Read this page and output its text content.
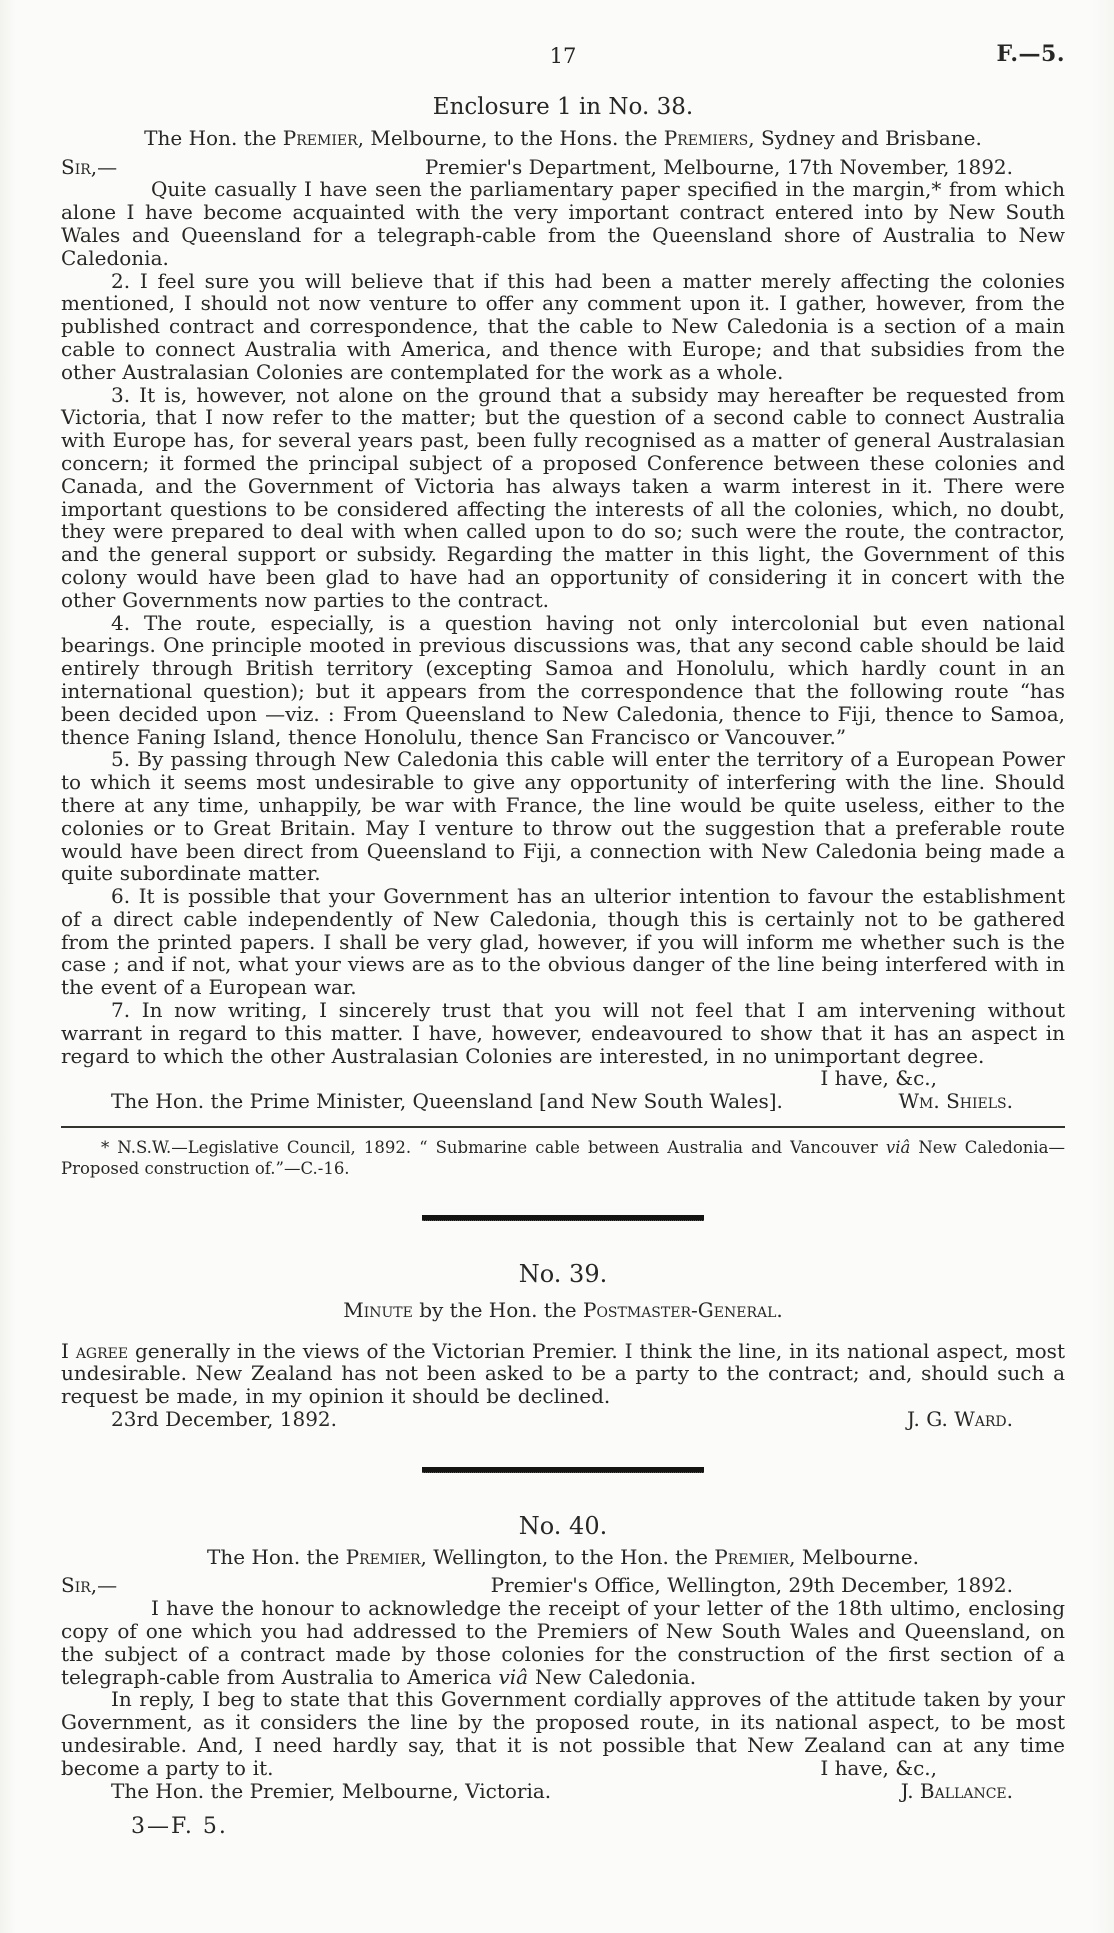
17	F.—5.
Enclosure 1 in No. 38.

The Hon. the Premier, Melbourne, to the Hons. the Premiers, Sydney and Brisbane.

Sir,—	Premier's Department, Melbourne, 17th November, 1892.

Quite casually I have seen the parliamentary paper specified in the margin,* from which alone I have become acquainted with the very important contract entered into by New South Wales and Queensland for a telegraph-cable from the Queensland shore of Australia to New Caledonia.

2. I feel sure you will believe that if this had been a matter merely affecting the colonies mentioned, I should not now venture to offer any comment upon it. I gather, however, from the published contract and correspondence, that the cable to New Caledonia is a section of a main cable to connect Australia with America, and thence with Europe; and that subsidies from the other Australasian Colonies are contemplated for the work as a whole.

3. It is, however, not alone on the ground that a subsidy may hereafter be requested from Victoria, that I now refer to the matter; but the question of a second cable to connect Australia with Europe has, for several years past, been fully recognised as a matter of general Australasian concern; it formed the principal subject of a proposed Conference between these colonies and Canada, and the Government of Victoria has always taken a warm interest in it. There were important questions to be considered affecting the interests of all the colonies, which, no doubt, they were prepared to deal with when called upon to do so; such were the route, the contractor, and the general support or subsidy. Regarding the matter in this light, the Government of this colony would have been glad to have had an opportunity of considering it in concert with the other Governments now parties to the contract.

4. The route, especially, is a question having not only intercolonial but even national bearings. One principle mooted in previous discussions was, that any second cable should be laid entirely through British territory (excepting Samoa and Honolulu, which hardly count in an international question); but it appears from the correspondence that the following route “has been decided upon —viz. : From Queensland to New Caledonia, thence to Fiji, thence to Samoa, thence Faning Island, thence Honolulu, thence San Francisco or Vancouver.”

5. By passing through New Caledonia this cable will enter the territory of a European Power to which it seems most undesirable to give any opportunity of interfering with the line. Should there at any time, unhappily, be war with France, the line would be quite useless, either to the colonies or to Great Britain. May I venture to throw out the suggestion that a preferable route would have been direct from Queensland to Fiji, a connection with New Caledonia being made a quite subordinate matter.

6. It is possible that your Government has an ulterior intention to favour the establishment of a direct cable independently of New Caledonia, though this is certainly not to be gathered from the printed papers. I shall be very glad, however, if you will inform me whether such is the case ; and if not, what your views are as to the obvious danger of the line being interfered with in the event of a European war.

7. In now writing, I sincerely trust that you will not feel that I am intervening without warrant in regard to this matter. I have, however, endeavoured to show that it has an aspect in regard to which the other Australasian Colonies are interested, in no unimportant degree.

I have, &c.,

The Hon. the Prime Minister, Queensland [and New South Wales].	Wm. Shiels.

* N.S.W.—Legislative Council, 1892. “ Submarine cable between Australia and Vancouver viâ New Caledonia—Proposed construction of.”—C.-16.

No. 39.

Minute by the Hon. the Postmaster-General.

I agree generally in the views of the Victorian Premier. I think the line, in its national aspect, most undesirable. New Zealand has not been asked to be a party to the contract; and, should such a request be made, in my opinion it should be declined.

23rd December, 1892.	J. G. Ward.
No. 40.

The Hon. the Premier, Wellington, to the Hon. the Premier, Melbourne.

Sir,—	Premier's Office, Wellington, 29th December, 1892.

I have the honour to acknowledge the receipt of your letter of the 18th ultimo, enclosing copy of one which you had addressed to the Premiers of New South Wales and Queensland, on the subject of a contract made by those colonies for the construction of the first section of a telegraph-cable from Australia to America viâ New Caledonia.

In reply, I beg to state that this Government cordially approves of the attitude taken by your Government, as it considers the line by the proposed route, in its national aspect, to be most undesirable. And, I need hardly say, that it is not possible that New Zealand can at any time become a party to it.	I have, &c.,

The Hon. the Premier, Melbourne, Victoria.	J. Ballance.
3—F. 5.
